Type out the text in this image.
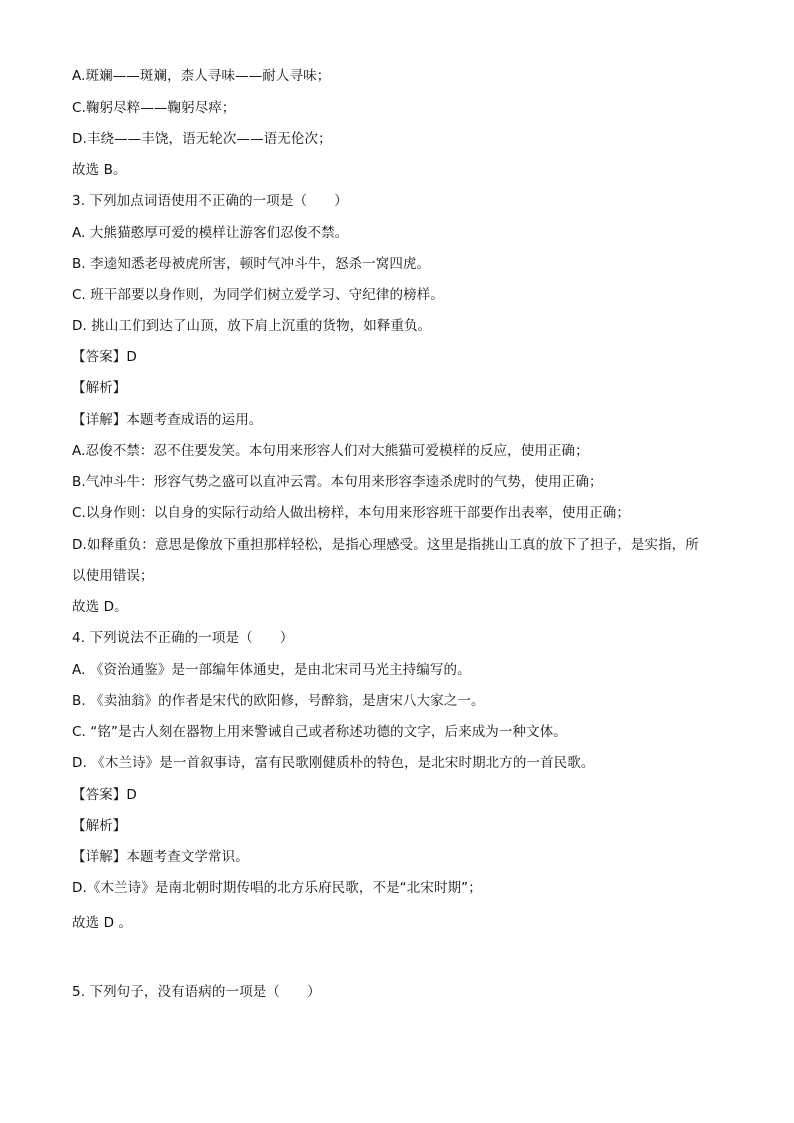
A.斑斓——斑斓，柰人寻味——耐人寻味；
C.鞠躬尽粹——鞠躬尽瘁；
D.丰绕——丰饶，语无轮次——语无伦次；
故选 B。
3. 下列加点词语使用不正确的一项是（　　）
A. 大熊猫憨厚可爱的模样让游客们忍俊不禁。
B. 李逵知悉老母被虎所害，顿时气冲斗牛，怒杀一窝四虎。
C. 班干部要以身作则，为同学们树立爱学习、守纪律的榜样。
D. 挑山工们到达了山顶，放下肩上沉重的货物，如释重负。
【答案】D
【解析】
【详解】本题考查成语的运用。
A.忍俊不禁：忍不住要发笑。本句用来形容人们对大熊猫可爱模样的反应，使用正确；
B.气冲斗牛：形容气势之盛可以直冲云霄。本句用来形容李逵杀虎时的气势，使用正确；
C.以身作则：以自身的实际行动给人做出榜样，本句用来形容班干部要作出表率，使用正确；
D.如释重负：意思是像放下重担那样轻松，是指心理感受。这里是指挑山工真的放下了担子，是实指，所
以使用错误；
故选 D。
4. 下列说法不正确的一项是（　　）
A. 《资治通鉴》是一部编年体通史，是由北宋司马光主持编写的。
B. 《卖油翁》的作者是宋代的欧阳修，号醉翁，是唐宋八大家之一。
C. “铭”是古人刻在器物上用来警诫自己或者称述功德的文字，后来成为一种文体。
D. 《木兰诗》是一首叙事诗，富有民歌刚健质朴的特色，是北宋时期北方的一首民歌。
【答案】D
【解析】
【详解】本题考查文学常识。
D.《木兰诗》是南北朝时期传唱的北方乐府民歌，不是“北宋时期”；
故选 D 。
5. 下列句子，没有语病的一项是（　　）
